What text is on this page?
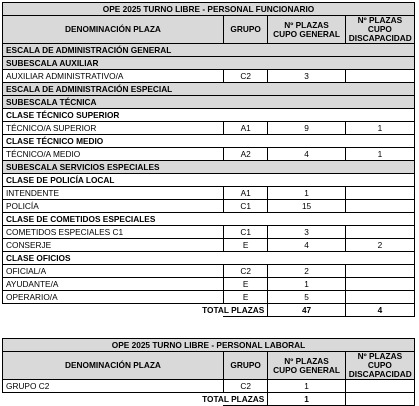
OPE 2025 TURNO LIBRE - PERSONAL FUNCIONARIO			
DENOMINACIÓN PLAZA	GRUPO	Nº PLAZAS CUPO GENERAL	Nº PLAZAS CUPO DISCAPACIDAD
ESCALA DE ADMINISTRACIÓN GENERAL			
SUBESCALA AUXILIAR			
AUXILIAR ADMINISTRATIVO/A	C2	3	
ESCALA DE ADMINISTRACIÓN ESPECIAL			
SUBESCALA TÉCNICA			
CLASE TÉCNICO SUPERIOR			
TÉCNICO/A SUPERIOR	A1	9	1
CLASE TÉCNICO MEDIO			
TÉCNICO/A MEDIO	A2	4	1
SUBESCALA SERVICIOS ESPECIALES			
CLASE DE POLICÍA LOCAL			
INTENDENTE	A1	1	
POLICÍA	C1	15	
CLASE DE COMETIDOS ESPECIALES			
COMETIDOS ESPECIALES C1	C1	3	
CONSERJE	E	4	2
CLASE OFICIOS			
OFICIAL/A	C2	2	
AYUDANTE/A	E	1	
OPERARIO/A	E	5	
	TOTAL PLAZAS	47	4
OPE 2025 TURNO LIBRE - PERSONAL LABORAL			
DENOMINACIÓN PLAZA	GRUPO	Nº PLAZAS CUPO GENERAL	Nº PLAZAS CUPO DISCAPACIDAD
GRUPO C2	C2	1	
	TOTAL PLAZAS	1	
